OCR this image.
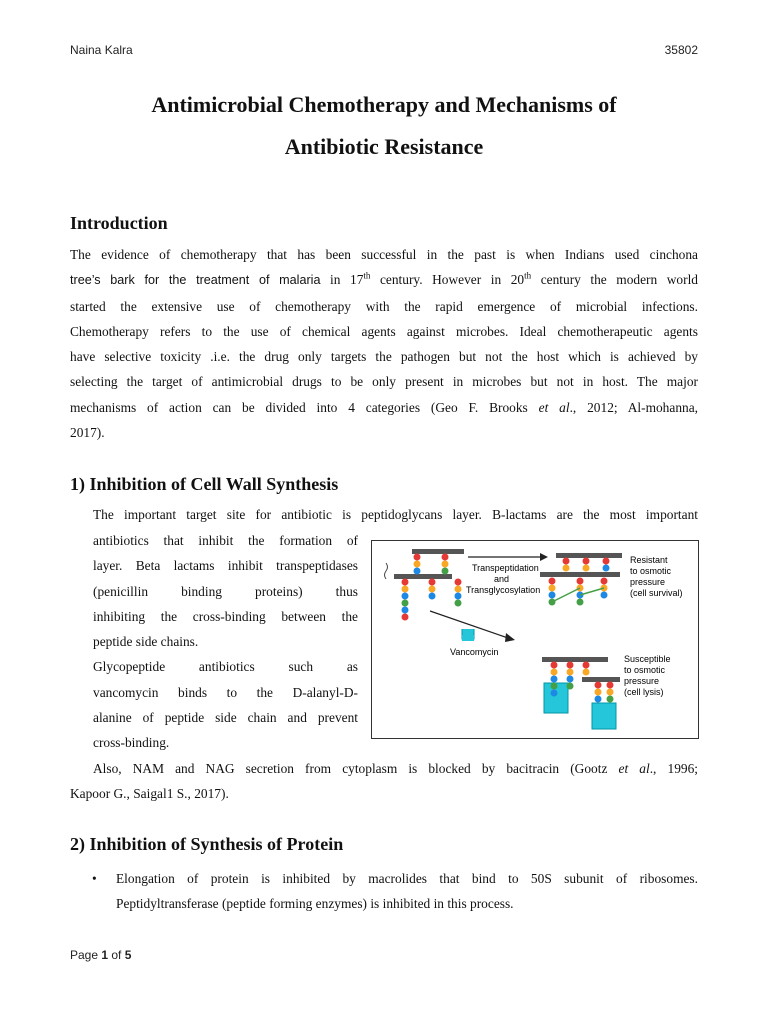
Naina Kalra	35802
Antimicrobial Chemotherapy and Mechanisms of
Antibiotic Resistance
Introduction
The evidence of chemotherapy that has been successful in the past is when Indians used cinchona
tree’s bark for the treatment of malaria in 17th century. However in 20th century the modern world
started the extensive use of chemotherapy with the rapid emergence of microbial infections.
Chemotherapy refers to the use of chemical agents against microbes. Ideal chemotherapeutic agents
have selective toxicity .i.e. the drug only targets the pathogen but not the host which is achieved by
selecting the target of antimicrobial drugs to be only present in microbes but not in host. The major
mechanisms of action can be divided into 4 categories (Geo F. Brooks et al., 2012; Al-mohanna,
2017).
1) Inhibition of Cell Wall Synthesis
The important target site for antibiotic is peptidoglycans layer. B-lactams are the most important
antibiotics that inhibit the formation of
layer. Beta lactams inhibit transpeptidases
(penicillin binding proteins) thus
inhibiting the cross-binding between the
peptide side chains.
Glycopeptide antibiotics such as
vancomycin binds to the D-alanyl-D-
alanine of peptide side chain and prevent
cross-binding.
Transpeptidation
and
Transglycosylation
Resistant
to osmotic
pressure
(cell survival)
Vancomycin
Susceptible
to osmotic
pressure
(cell lysis)
Also, NAM and NAG secretion from cytoplasm is blocked by bacitracin (Gootz et al., 1996;
Kapoor G., Saigal1 S., 2017).
2) Inhibition of Synthesis of Protein
• Elongation of protein is inhibited by macrolides that bind to 50S subunit of ribosomes.
Peptidyltransferase (peptide forming enzymes) is inhibited in this process.
Page 1 of 5
